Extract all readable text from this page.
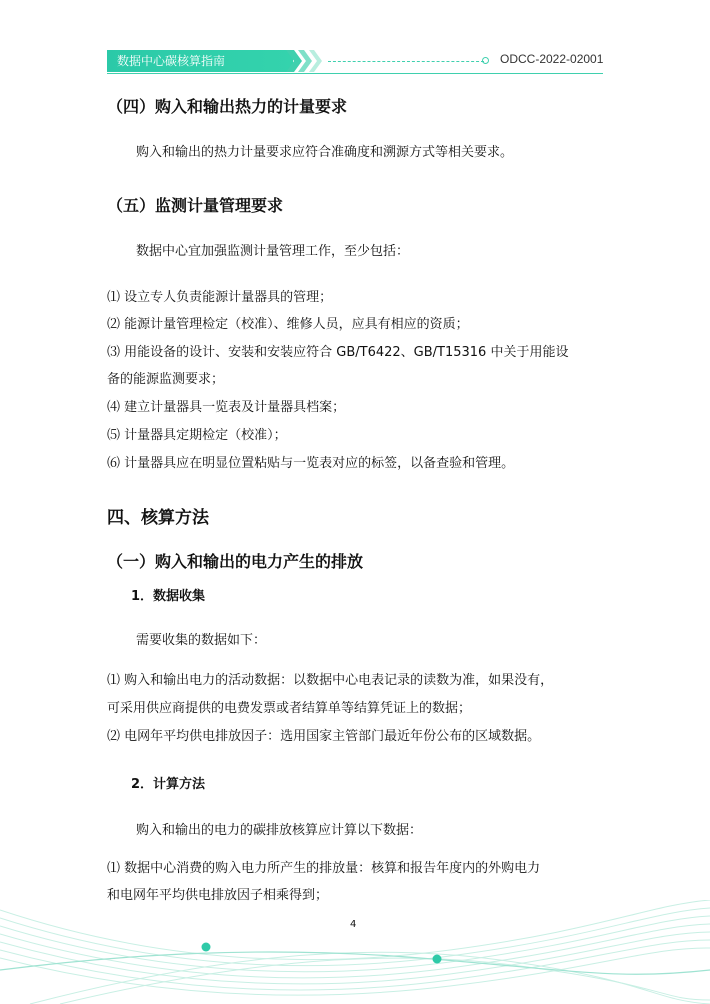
数据中心碳核算指南	ODCC-2022-02001
（四）购入和输出热力的计量要求
购入和输出的热力计量要求应符合准确度和溯源方式等相关要求。
（五）监测计量管理要求
数据中心宜加强监测计量管理工作，至少包括：
⑴ 设立专人负责能源计量器具的管理；
⑵ 能源计量管理检定（校准）、维修人员，应具有相应的资质；
⑶ 用能设备的设计、安装和安装应符合 GB/T6422、GB/T15316 中关于用能设
备的能源监测要求；
⑷ 建立计量器具一览表及计量器具档案；
⑸ 计量器具定期检定（校准）；
⑹ 计量器具应在明显位置粘贴与一览表对应的标签，以备查验和管理。
四、核算方法
（一）购入和输出的电力产生的排放
1．数据收集
需要收集的数据如下：
⑴ 购入和输出电力的活动数据：以数据中心电表记录的读数为准，如果没有，
可采用供应商提供的电费发票或者结算单等结算凭证上的数据；
⑵ 电网年平均供电排放因子：选用国家主管部门最近年份公布的区域数据。
2．计算方法
购入和输出的电力的碳排放核算应计算以下数据：
⑴ 数据中心消费的购入电力所产生的排放量：核算和报告年度内的外购电力
和电网年平均供电排放因子相乘得到；
4
